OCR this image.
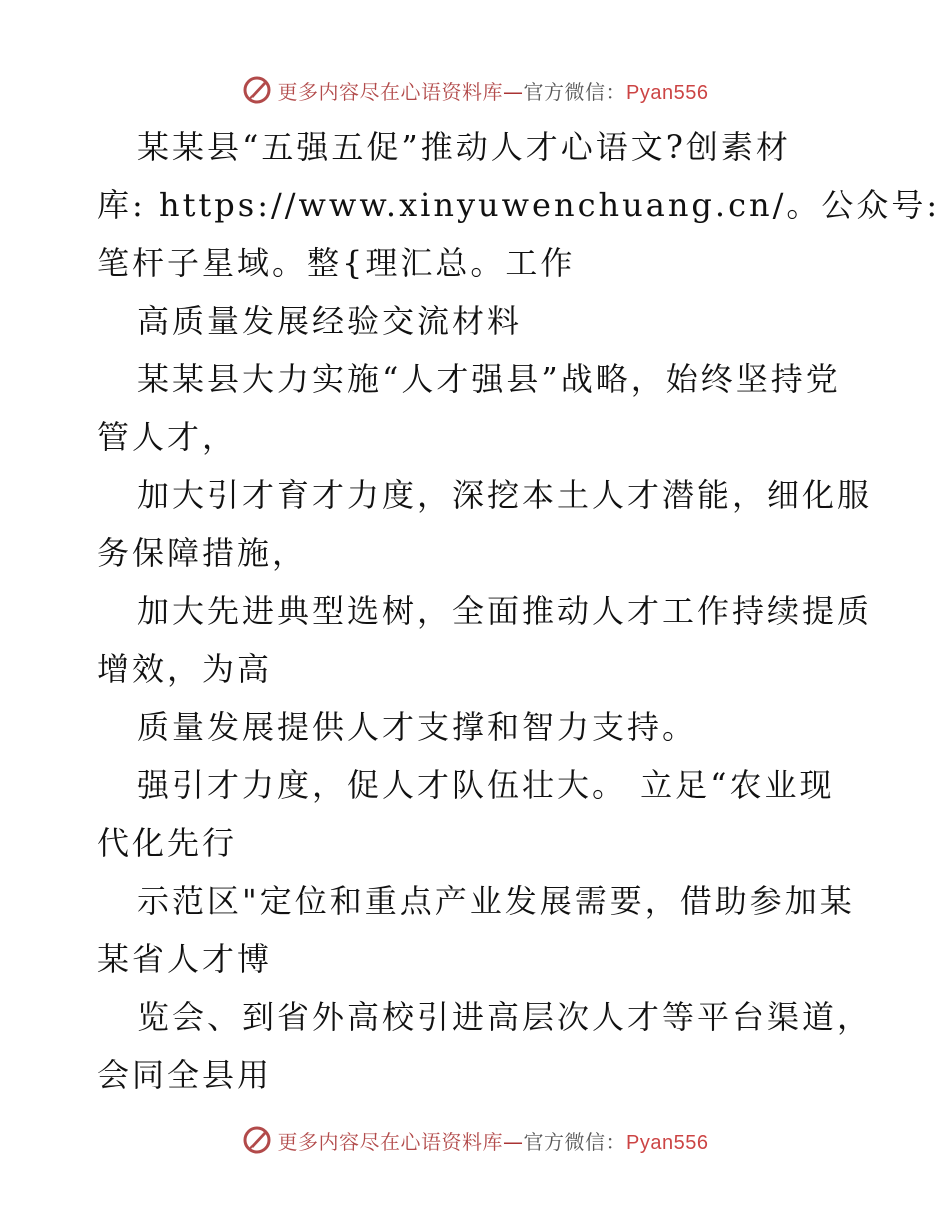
更多内容尽在心语资料库—官方微信：Pyan556
某某县“五强五促”推动人才心语文?创素材
库: https://www.xinyuwenchuang.cn/。公众号:
笔杆子星域。整{理汇总。工作
高质量发展经验交流材料
某某县大力实施“人才强县”战略，始终坚持党
管人才，
加大引才育才力度，深挖本土人才潜能，细化服
务保障措施，
加大先进典型选树，全面推动人才工作持续提质
增效，为高
质量发展提供人才支撑和智力支持。
强引才力度，促人才队伍壮大。 立足“农业现
代化先行
示范区"定位和重点产业发展需要，借助参加某
某省人才博
览会、到省外高校引进高层次人才等平台渠道，
会同全县用
更多内容尽在心语资料库—官方微信：Pyan556
